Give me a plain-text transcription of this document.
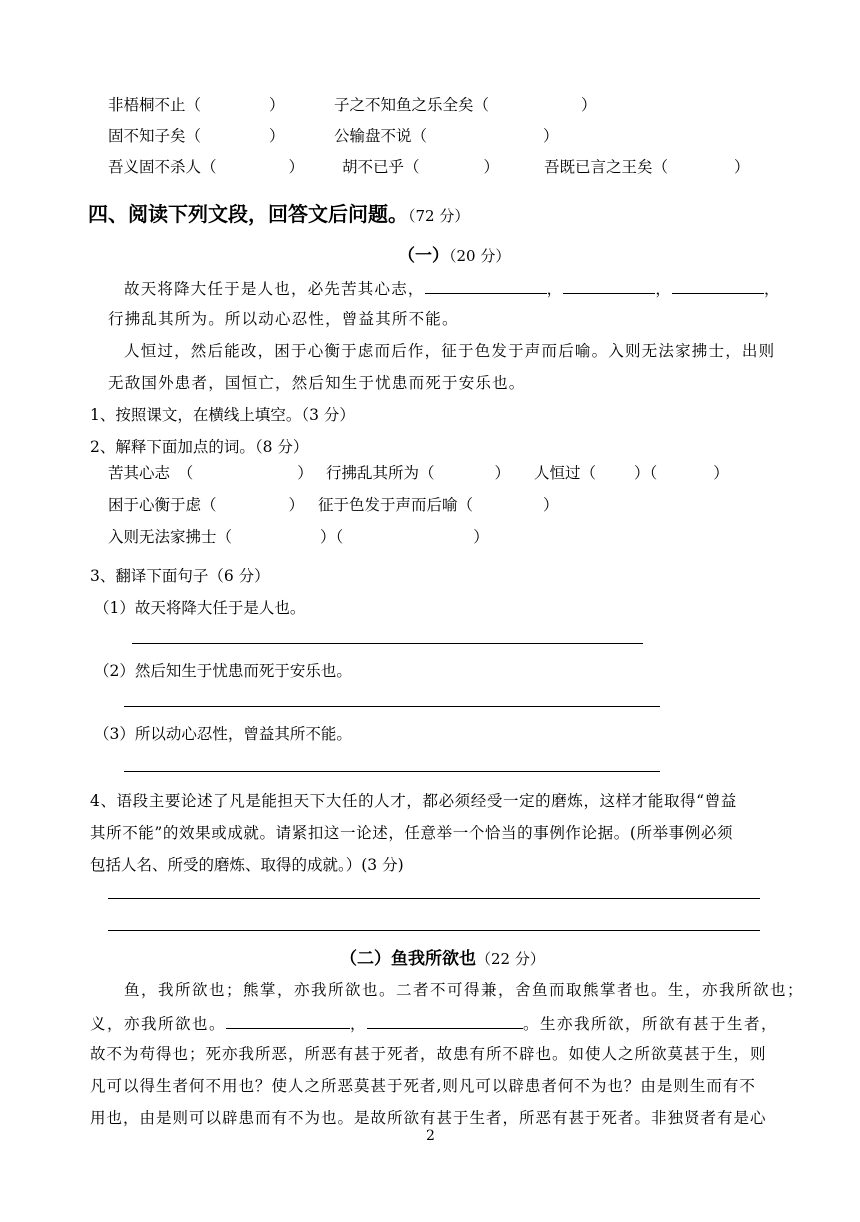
非梧桐不止（	）	子之不知鱼之乐全矣（	）
固不知子矣（	）	公输盘不说（	）
吾义固不杀人（	） 胡不已乎（	）	吾既已言之王矣（	）
四、阅读下列文段，回答文后问题。（72 分）
（一）（20 分）
故天将降大任于是人也，必先苦其心志，	，	，	，
行拂乱其所为。所以动心忍性，曾益其所不能。
人恒过，然后能改，困于心衡于虑而后作，征于色发于声而后喻。入则无法家拂士，出则
无敌国外患者，国恒亡，然后知生于忧患而死于安乐也。
1、按照课文，在横线上填空。（3 分）
2、解释下面加点的词。（8 分）
苦其心志　（	） 行拂乱其所为（	） 人恒过（ ）（	）
困于心衡于虑（	） 征于色发于声而后喻（	）
入则无法家拂士（	）（	）
3、翻译下面句子（6 分）
（1）故天将降大任于是人也。
（2）然后知生于忧患而死于安乐也。
（3）所以动心忍性，曾益其所不能。
4、语段主要论述了凡是能担天下大任的人才，都必须经受一定的磨炼，这样才能取得“曾益
其所不能”的效果或成就。请紧扣这一论述，任意举一个恰当的事例作论据。(所举事例必须
包括人名、所受的磨炼、取得的成就。）(3 分)
（二）鱼我所欲也（22 分）
鱼，我所欲也；熊掌，亦我所欲也。二者不可得兼，舍鱼而取熊掌者也。生，亦我所欲也；
义，亦我所欲也。	，	。生亦我所欲，所欲有甚于生者，
故不为苟得也；死亦我所恶，所恶有甚于死者，故患有所不辟也。如使人之所欲莫甚于生，则
凡可以得生者何不用也？使人之所恶莫甚于死者,则凡可以辟患者何不为也？由是则生而有不
用也，由是则可以辟患而有不为也。是故所欲有甚于生者，所恶有甚于死者。非独贤者有是心
2
